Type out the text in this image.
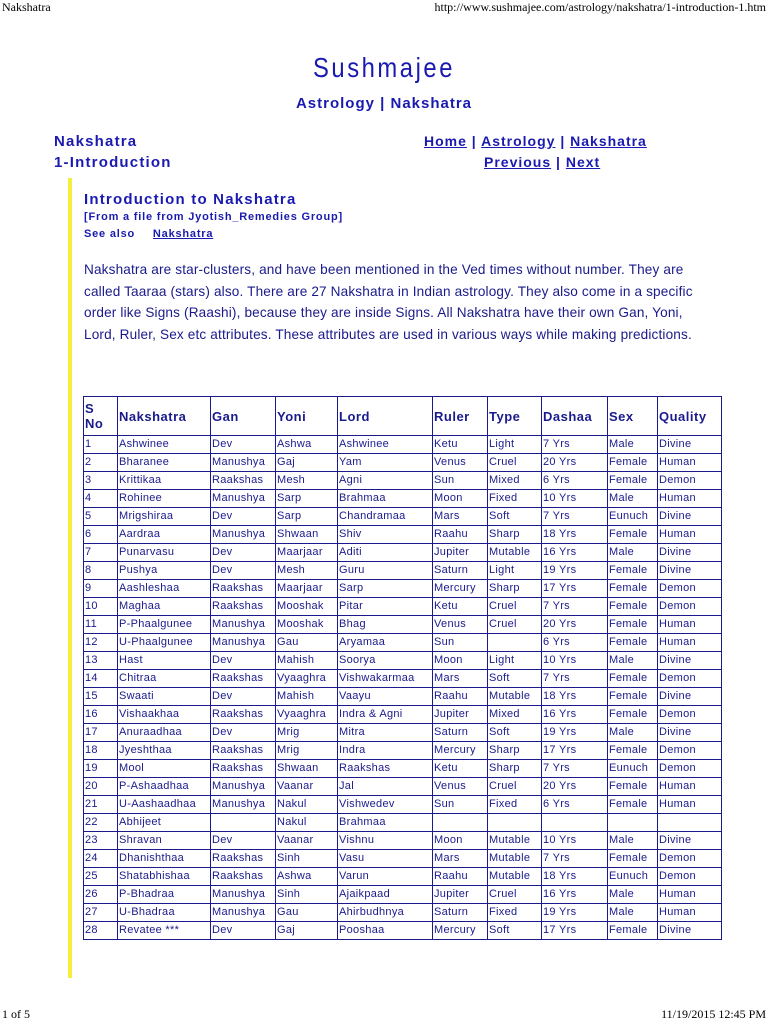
Nakshatra	http://www.sushmajee.com/astrology/nakshatra/1-introduction-1.htm
Sushmajee
Astrology | Nakshatra
Nakshatra
1-Introduction
Home | Astrology | Nakshatra
Previous | Next
Introduction to Nakshatra
[From a file from Jyotish_Remedies Group]
See also Nakshatra
Nakshatra are star-clusters, and have been mentioned in the Ved times without number. They are called Taaraa (stars) also. There are 27 Nakshatra in Indian astrology. They also come in a specific order like Signs (Raashi), because they are inside Signs. All Nakshatra have their own Gan, Yoni, Lord, Ruler, Sex etc attributes. These attributes are used in various ways while making predictions.
S No	Nakshatra	Gan	Yoni	Lord	Ruler	Type	Dashaa	Sex	Quality
1	Ashwinee	Dev	Ashwa	Ashwinee	Ketu	Light	7 Yrs	Male	Divine
2	Bharanee	Manushya	Gaj	Yam	Venus	Cruel	20 Yrs	Female	Human
3	Krittikaa	Raakshas	Mesh	Agni	Sun	Mixed	6 Yrs	Female	Demon
4	Rohinee	Manushya	Sarp	Brahmaa	Moon	Fixed	10 Yrs	Male	Human
5	Mrigshiraa	Dev	Sarp	Chandramaa	Mars	Soft	7 Yrs	Eunuch	Divine
6	Aardraa	Manushya	Shwaan	Shiv	Raahu	Sharp	18 Yrs	Female	Human
7	Punarvasu	Dev	Maarjaar	Aditi	Jupiter	Mutable	16 Yrs	Male	Divine
8	Pushya	Dev	Mesh	Guru	Saturn	Light	19 Yrs	Female	Divine
9	Aashleshaa	Raakshas	Maarjaar	Sarp	Mercury	Sharp	17 Yrs	Female	Demon
10	Maghaa	Raakshas	Mooshak	Pitar	Ketu	Cruel	7 Yrs	Female	Demon
11	P-Phaalgunee	Manushya	Mooshak	Bhag	Venus	Cruel	20 Yrs	Female	Human
12	U-Phaalgunee	Manushya	Gau	Aryamaa	Sun		6 Yrs	Female	Human
13	Hast	Dev	Mahish	Soorya	Moon	Light	10 Yrs	Male	Divine
14	Chitraa	Raakshas	Vyaaghra	Vishwakarmaa	Mars	Soft	7 Yrs	Female	Demon
15	Swaati	Dev	Mahish	Vaayu	Raahu	Mutable	18 Yrs	Female	Divine
16	Vishaakhaa	Raakshas	Vyaaghra	Indra & Agni	Jupiter	Mixed	16 Yrs	Female	Demon
17	Anuraadhaa	Dev	Mrig	Mitra	Saturn	Soft	19 Yrs	Male	Divine
18	Jyeshthaa	Raakshas	Mrig	Indra	Mercury	Sharp	17 Yrs	Female	Demon
19	Mool	Raakshas	Shwaan	Raakshas	Ketu	Sharp	7 Yrs	Eunuch	Demon
20	P-Ashaadhaa	Manushya	Vaanar	Jal	Venus	Cruel	20 Yrs	Female	Human
21	U-Aashaadhaa	Manushya	Nakul	Vishwedev	Sun	Fixed	6 Yrs	Female	Human
22	Abhijeet		Nakul	Brahmaa					
23	Shravan	Dev	Vaanar	Vishnu	Moon	Mutable	10 Yrs	Male	Divine
24	Dhanishthaa	Raakshas	Sinh	Vasu	Mars	Mutable	7 Yrs	Female	Demon
25	Shatabhishaa	Raakshas	Ashwa	Varun	Raahu	Mutable	18 Yrs	Eunuch	Demon
26	P-Bhadraa	Manushya	Sinh	Ajaikpaad	Jupiter	Cruel	16 Yrs	Male	Human
27	U-Bhadraa	Manushya	Gau	Ahirbudhnya	Saturn	Fixed	19 Yrs	Male	Human
28	Revatee ***	Dev	Gaj	Pooshaa	Mercury	Soft	17 Yrs	Female	Divine
1 of 5	11/19/2015 12:45 PM
